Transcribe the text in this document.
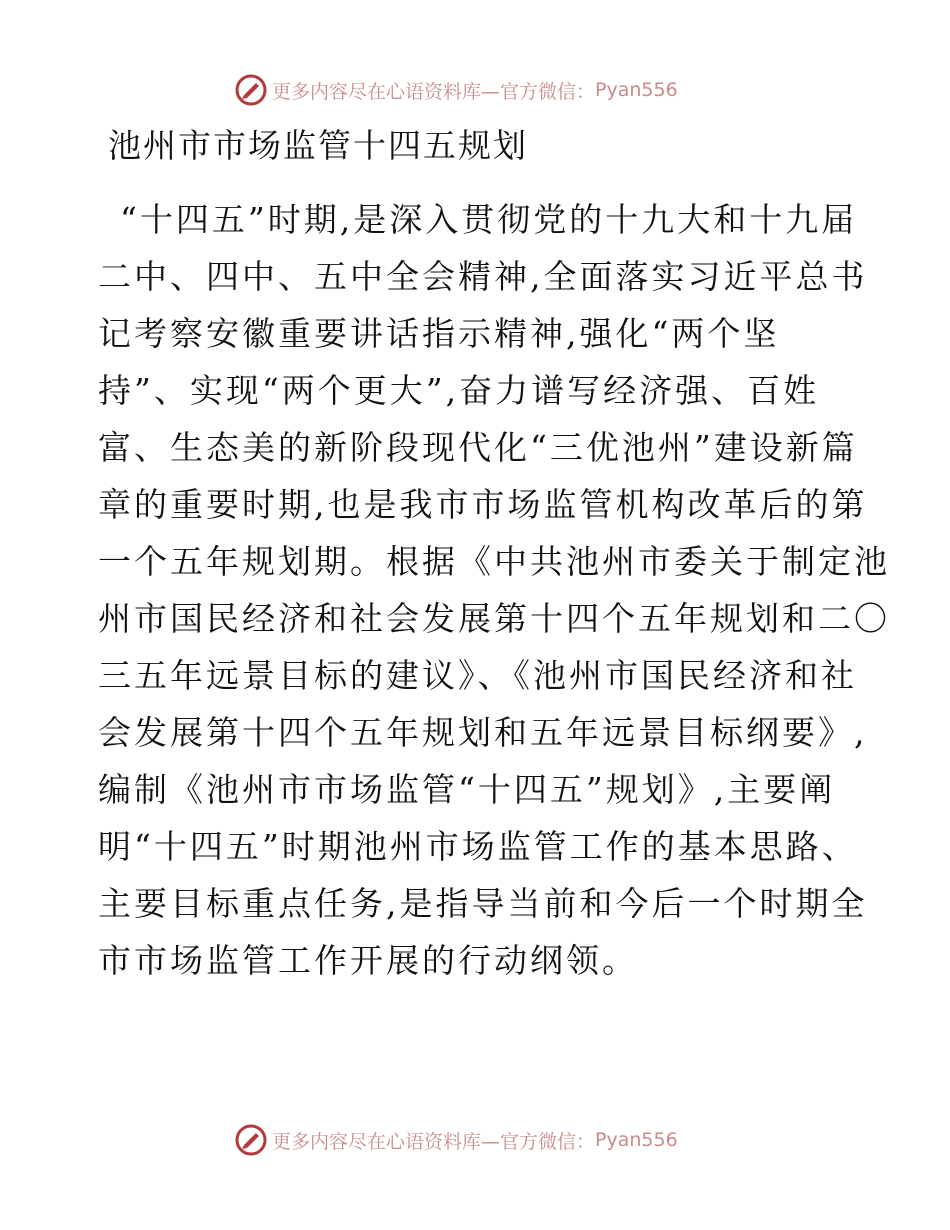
更多内容尽在心语资料库—官方微信： Pyan556
池州市市场监管十四五规划

“十四五”时期,是深入贯彻党的十九大和十九届

二中、四中、五中全会精神,全面落实习近平总书

记考察安徽重要讲话指示精神,强化“两个坚

持”、实现“两个更大”,奋力谱写经济强、百姓

富、生态美的新阶段现代化“三优池州”建设新篇

章的重要时期,也是我市市场监管机构改革后的第

一个五年规划期。根据《中共池州市委关于制定池

州市国民经济和社会发展第十四个五年规划和二〇

三五年远景目标的建议》、《池州市国民经济和社

会发展第十四个五年规划和五年远景目标纲要》,

编制《池州市市场监管“十四五”规划》,主要阐

明“十四五”时期池州市场监管工作的基本思路、

主要目标重点任务,是指导当前和今后一个时期全

市市场监管工作开展的行动纲领。

更多内容尽在心语资料库—官方微信： Pyan556
